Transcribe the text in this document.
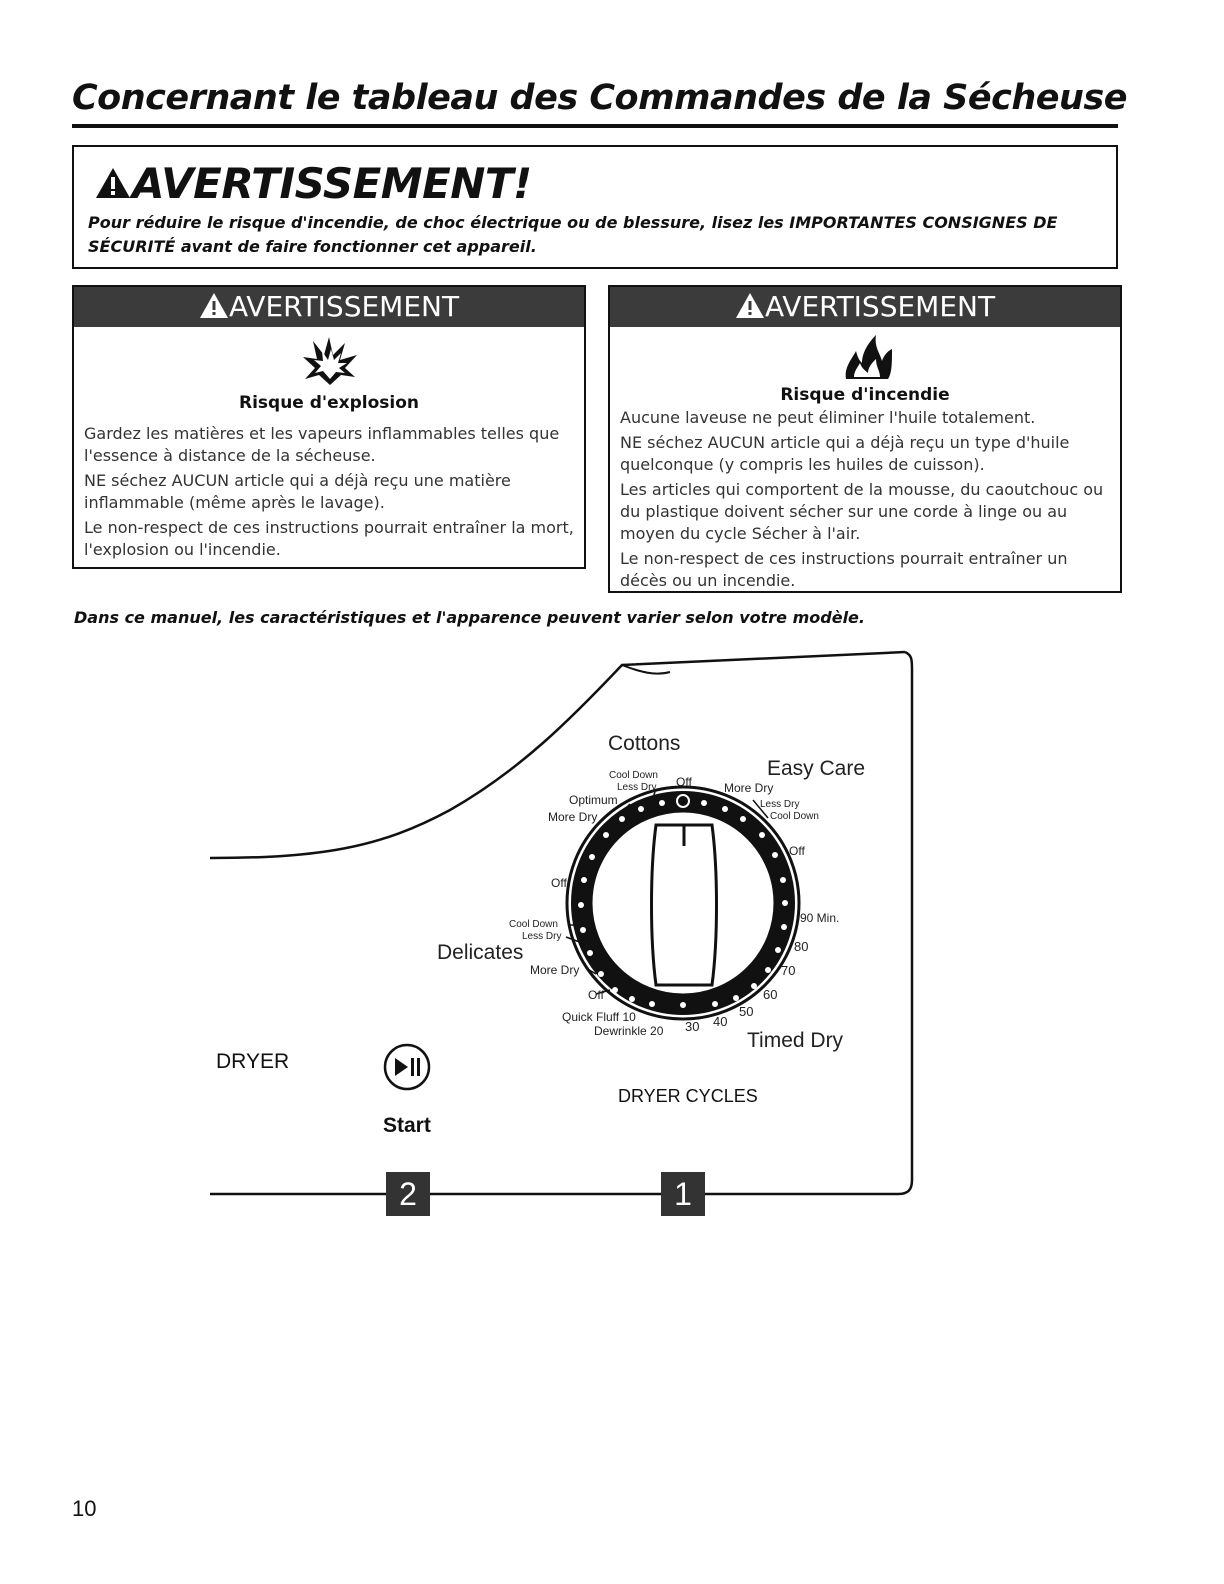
Concernant le tableau des Commandes de la Sécheuse
AVERTISSEMENT!
Pour réduire le risque d'incendie, de choc électrique ou de blessure, lisez les IMPORTANTES CONSIGNES DE SÉCURITÉ avant de faire fonctionner cet appareil.
AVERTISSEMENT
Risque d'explosion

Gardez les matières et les vapeurs inflammables telles que l'essence à distance de la sécheuse.

NE séchez AUCUN article qui a déjà reçu une matière inflammable (même après le lavage).

Le non-respect de ces instructions pourrait entraîner la mort, l'explosion ou l'incendie.

AVERTISSEMENT
Risque d'incendie

Aucune laveuse ne peut éliminer l'huile totalement.

NE séchez AUCUN article qui a déjà reçu un type d'huile quelconque (y compris les huiles de cuisson).

Les articles qui comportent de la mousse, du caoutchouc ou du plastique doivent sécher sur une corde à linge ou au moyen du cycle Sécher à l'air.

Le non-respect de ces instructions pourrait entraîner un décès ou un incendie.

Dans ce manuel, les caractéristiques et l'apparence peuvent varier selon votre modèle.
Cottons
Cool Down
Less Dry Off
Optimum
More Dry
Easy Care
More Dry
Less Dry
Cool Down
Off
Off
Cool Down
Less Dry
Delicates
More Dry
Off
Quick Fluff 10
Dewrinkle 20
90 Min.
80
70
60
50
40
30
Timed Dry
DRYER
Start
DRYER CYCLES
2	1
10
